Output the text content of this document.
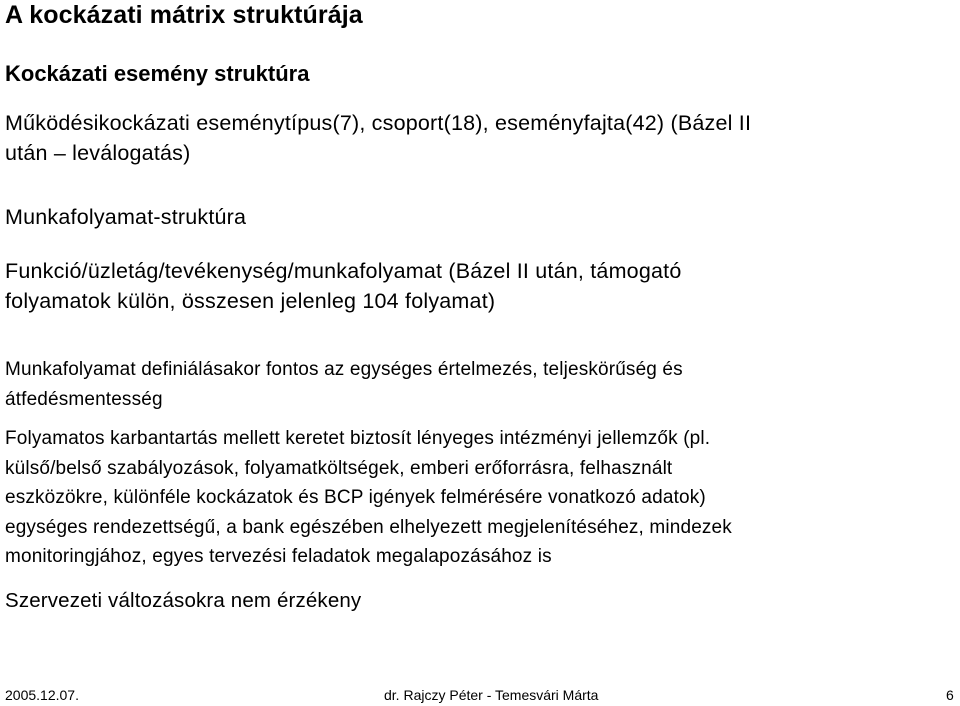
A kockázati mátrix struktúrája
Kockázati esemény struktúra

Működésikockázati eseménytípus(7), csoport(18), eseményfajta(42) (Bázel II
után – leválogatás)

Munkafolyamat-struktúra

Funkció/üzletág/tevékenység/munkafolyamat (Bázel II után, támogató
folyamatok külön, összesen jelenleg 104 folyamat)

Munkafolyamat definiálásakor fontos az egységes értelmezés, teljeskörűség és
átfedésmentesség

Folyamatos karbantartás mellett keretet biztosít lényeges intézményi jellemzők (pl.
külső/belső szabályozások, folyamatköltségek, emberi erőforrásra, felhasznált
eszközökre, különféle kockázatok és BCP igények felmérésére vonatkozó adatok)
egységes rendezettségű, a bank egészében elhelyezett megjelenítéséhez, mindezek
monitoringjához, egyes tervezési feladatok megalapozásához is

Szervezeti változásokra nem érzékeny

2005.12.07.	dr. Rajczy Péter - Temesvári Márta	6
